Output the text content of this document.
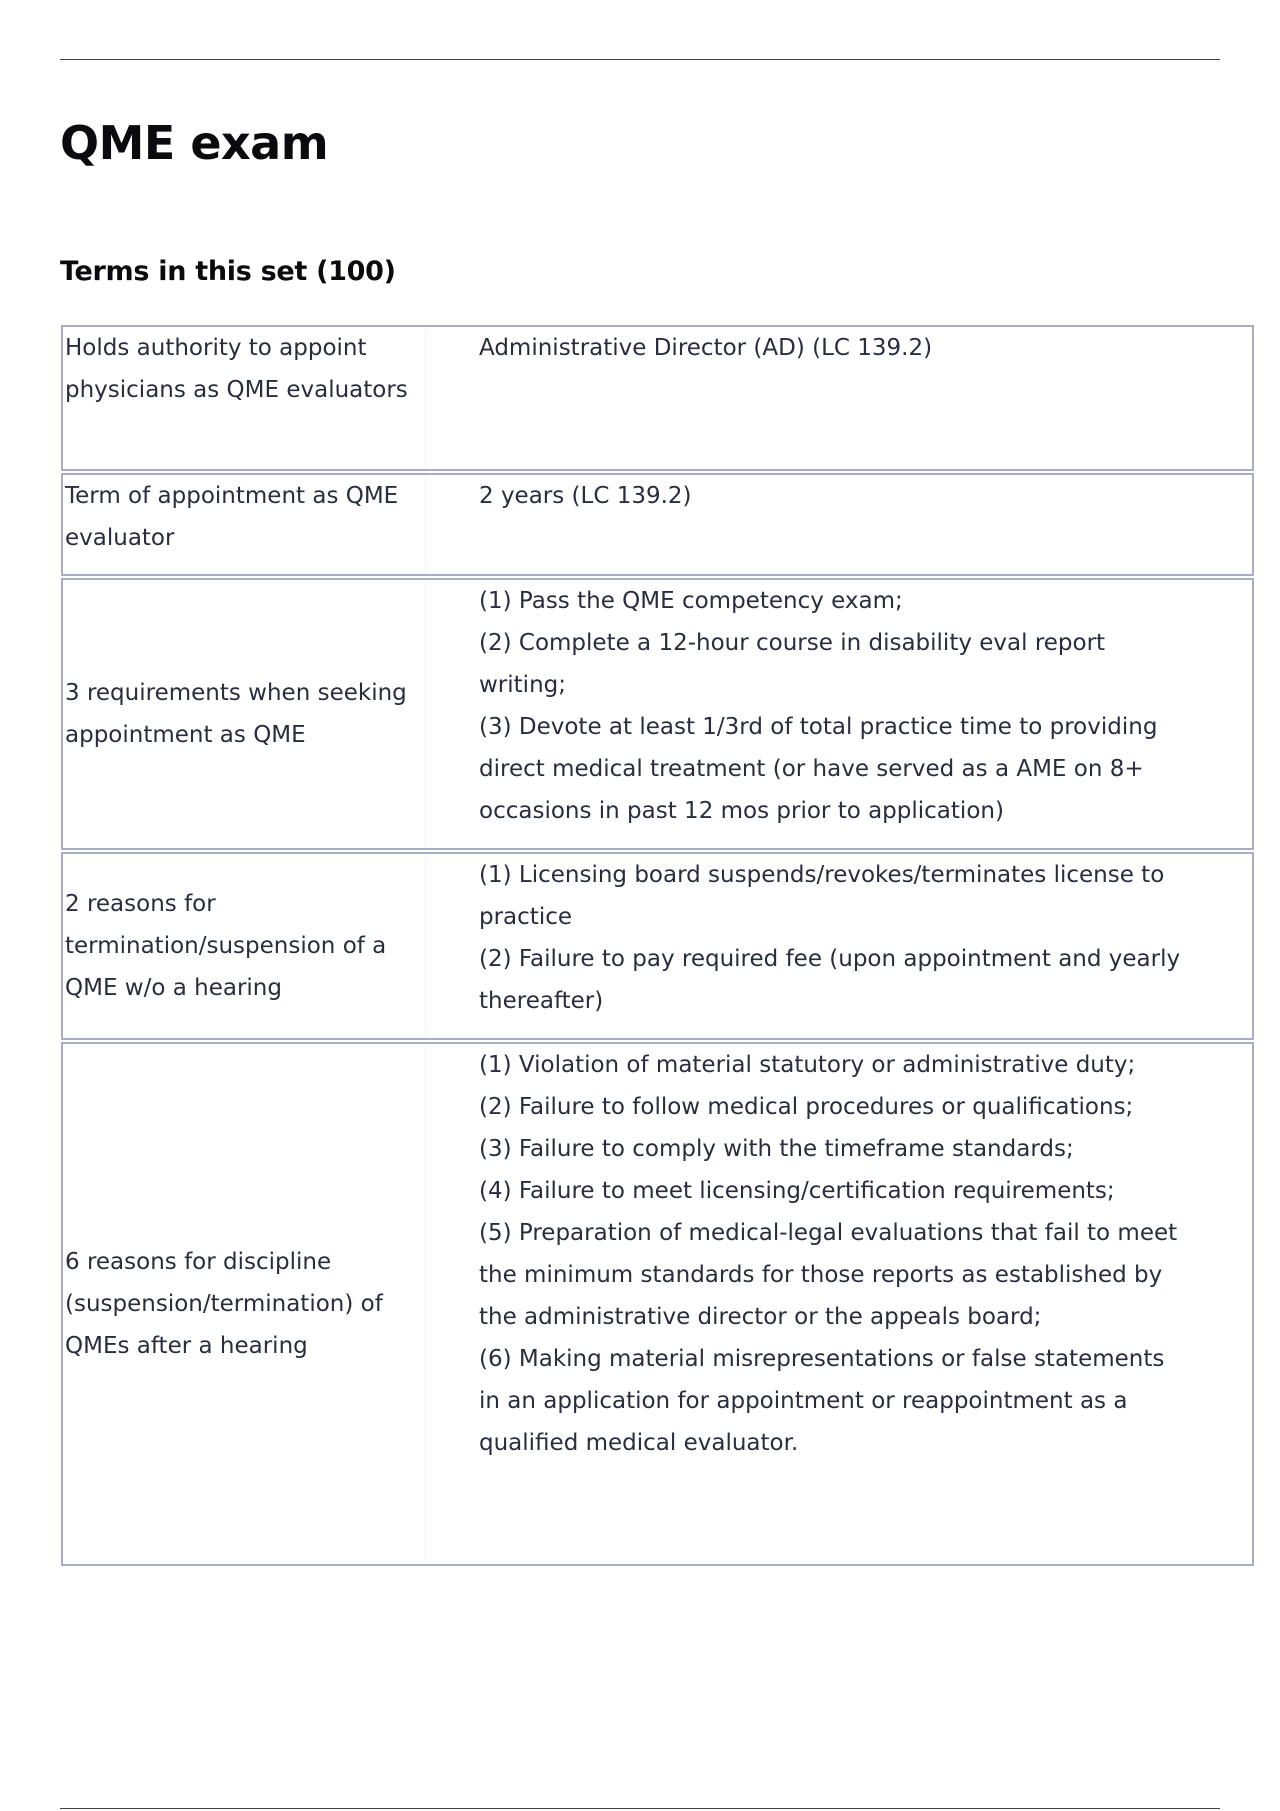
QME exam
Terms in this set (100)
Holds authority to appoint physicians as QME evaluators
Administrative Director (AD) (LC 139.2)
Term of appointment as QME evaluator
2 years (LC 139.2)
3 requirements when seeking appointment as QME
(1) Pass the QME competency exam;
(2) Complete a 12-hour course in disability eval report writing;
(3) Devote at least 1/3rd of total practice time to providing direct medical treatment (or have served as a AME on 8+ occasions in past 12 mos prior to application)
2 reasons for termination/suspension of a QME w/o a hearing
(1) Licensing board suspends/revokes/terminates license to practice
(2) Failure to pay required fee (upon appointment and yearly thereafter)
6 reasons for discipline (suspension/termination) of QMEs after a hearing
(1) Violation of material statutory or administrative duty;
(2) Failure to follow medical procedures or qualifications;
(3) Failure to comply with the timeframe standards;
(4) Failure to meet licensing/certification requirements;
(5) Preparation of medical-legal evaluations that fail to meet the minimum standards for those reports as established by the administrative director or the appeals board;
(6) Making material misrepresentations or false statements in an application for appointment or reappointment as a qualified medical evaluator.
